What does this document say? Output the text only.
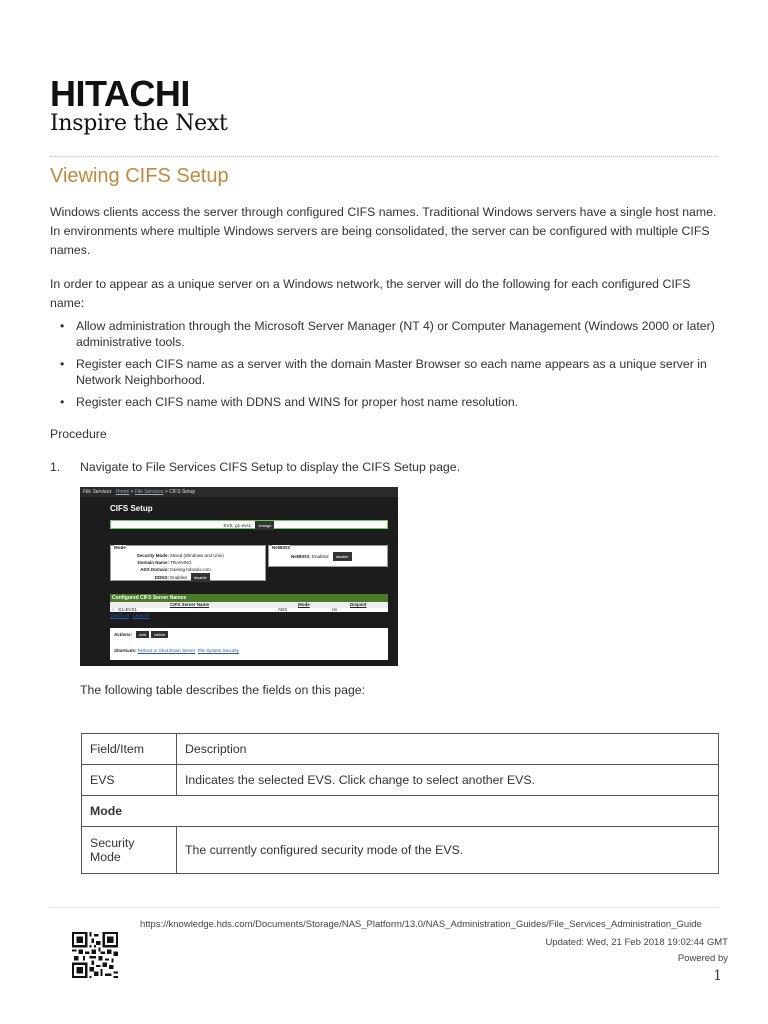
HITACHI
Inspire the Next
Viewing CIFS Setup

Windows clients access the server through configured CIFS names. Traditional Windows servers have a single host name. In environments where multiple Windows servers are being consolidated, the server can be configured with multiple CIFS names.

In order to appear as a unique server on a Windows network, the server will do the following for each configured CIFS name:

• Allow administration through the Microsoft Server Manager (NT 4) or Computer Management (Windows 2000 or later) administrative tools.
• Register each CIFS name as a server with the domain Master Browser so each name appears as a unique server in Network Neighborhood.
• Register each CIFS name with DDNS and WINS for proper host name resolution.
Procedure
1. Navigate to File Services CIFS Setup to display the CIFS Setup page.
File Services Home > File Services > CIFS Setup
CIFS Setup
EVS: g1-evs1 change
Mode
Security Mode: Mixed (Windows and Unix)
Domain Name: TRAINING
ADS Domain: training.hdsedu.com
DDNS: Enabled disable
NetBIOS
NetBIOS: Enabled disable
Configured CIFS Server Names
CIFS Server Name	Mode	Disjoint
○ G1-EVS1	ADS	no
Check All | Clear All
Actions: add delete
Shortcuts: Reboot or Shut Down Server File System Security
The following table describes the fields on this page:
Field/Item	Description
EVS	Indicates the selected EVS. Click change to select another EVS.
Mode	
Security Mode	The currently configured security mode of the EVS.
https://knowledge.hds.com/Documents/Storage/NAS_Platform/13.0/NAS_Administration_Guides/File_Services_Administration_Guide
Updated: Wed, 21 Feb 2018 19:02:44 GMT
Powered by
1
